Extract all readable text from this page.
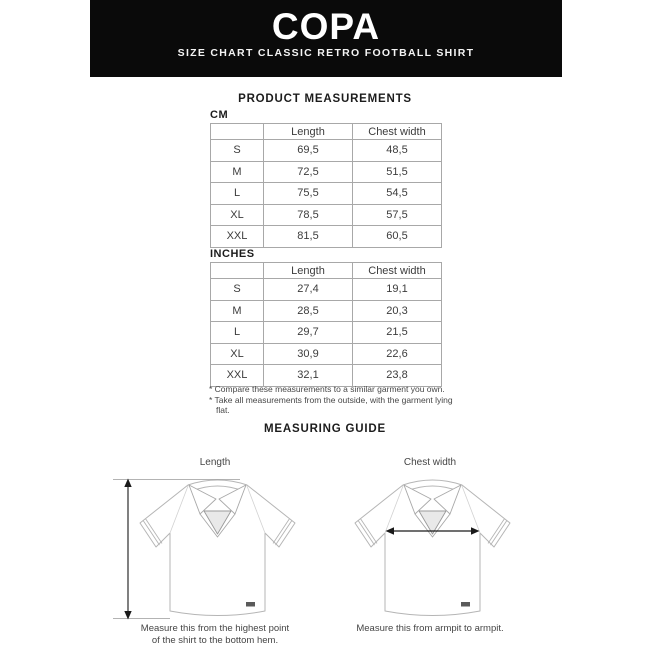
COPA
SIZE CHART CLASSIC RETRO FOOTBALL SHIRT
PRODUCT MEASUREMENTS
CM
	Length	Chest width
S	69,5	48,5
M	72,5	51,5
L	75,5	54,5
XL	78,5	57,5
XXL	81,5	60,5
INCHES
	Length	Chest width
S	27,4	19,1
M	28,5	20,3
L	29,7	21,5
XL	30,9	22,6
XXL	32,1	23,8
* Compare these measurements to a similar garment you own.
* Take all measurements from the outside, with the garment lying flat.
MEASURING GUIDE
Length
Measure this from the highest point of the shirt to the bottom hem.
Chest width
Measure this from armpit to armpit.
